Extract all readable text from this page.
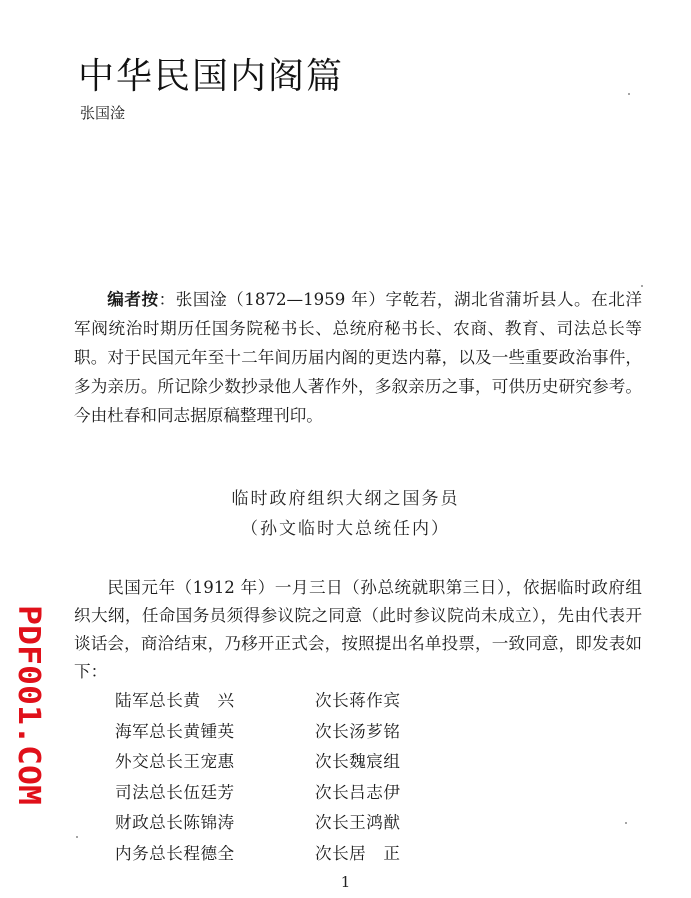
中华民国内阁篇
张国淦

编者按：张国淦（1872—1959 年）字乾若，湖北省蒲圻县人。在北洋军阀统治时期历任国务院秘书长、总统府秘书长、农商、教育、司法总长等职。对于民国元年至十二年间历届内阁的更迭内幕，以及一些重要政治事件，多为亲历。所记除少数抄录他人著作外，多叙亲历之事，可供历史研究参考。今由杜春和同志据原稿整理刊印。

临时政府组织大纲之国务员
（孙文临时大总统任内）

民国元年（1912 年）一月三日（孙总统就职第三日），依据临时政府组织大纲，任命国务员须得参议院之同意（此时参议院尚未成立），先由代表开谈话会，商洽结束，乃移开正式会，按照提出名单投票，一致同意，即发表如下：

陆军总长黄　兴	次长蒋作宾
海军总长黄锺英	次长汤芗铭
外交总长王宠惠	次长魏宸组
司法总长伍廷芳	次长吕志伊
财政总长陈锦涛	次长王鸿猷
内务总长程德全	次长居　正
1
PDF001.COM
